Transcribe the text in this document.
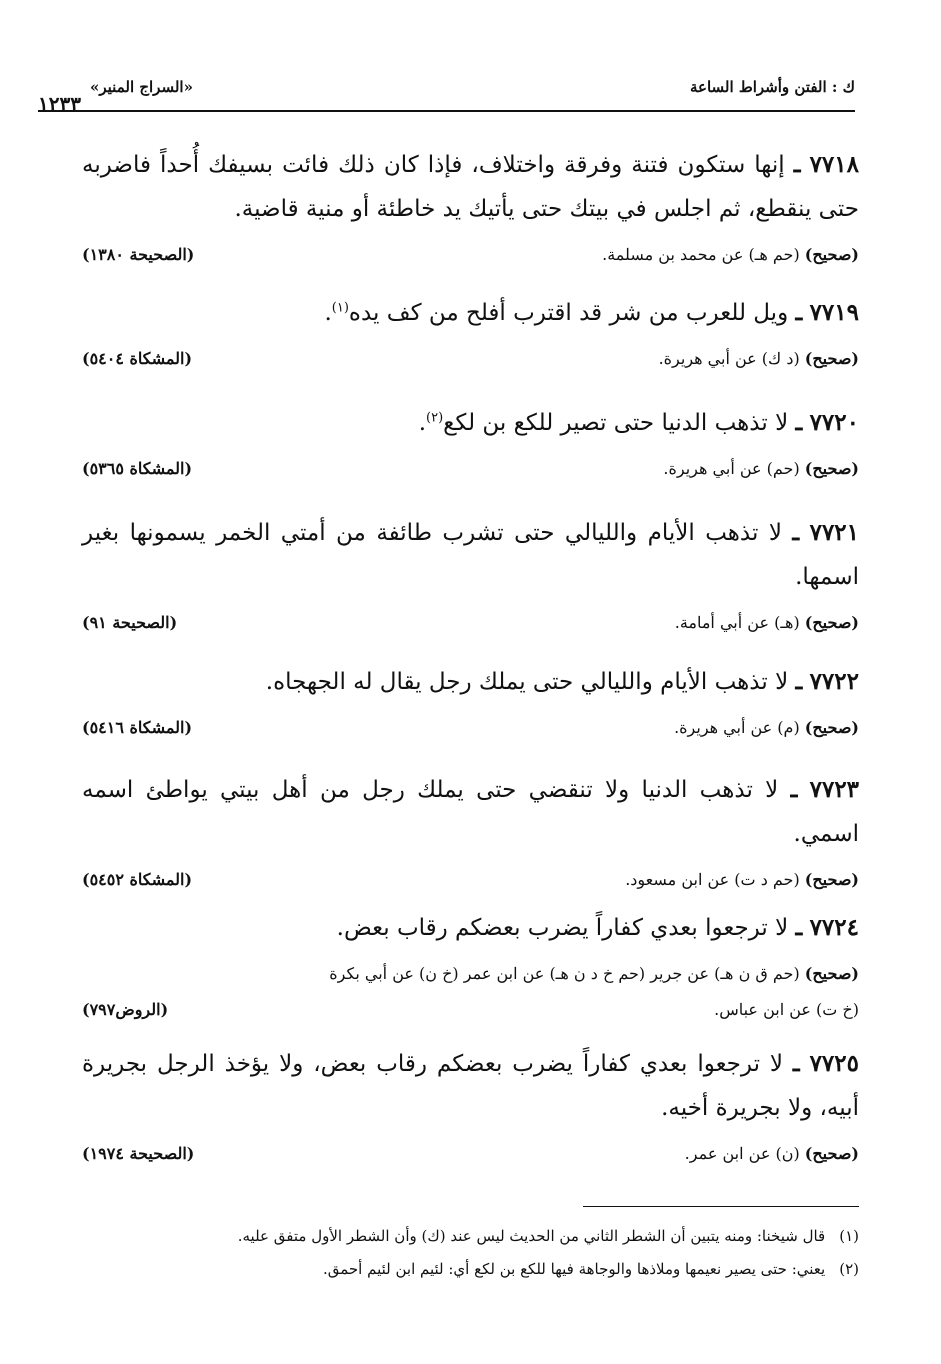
ك : الفتن وأشراط الساعة
«السراج المنير»
١٢٣٣

٧٧١٨ ـ إنها ستكون فتنة وفرقة واختلاف، فإذا كان ذلك فائت بسيفك أُحداً فاضربه حتى ينقطع، ثم اجلس في بيتك حتى يأتيك يد خاطئة أو منية قاضية.

(صحيح) (حم هـ) عن محمد بن مسلمة.
(الصحيحة ١٣٨٠)

٧٧١٩ ـ ويل للعرب من شر قد اقترب أفلح من كف يده$^{(١)}$.

(صحيح) (د ك) عن أبي هريرة.
(المشكاة ٥٤٠٤)

٧٧٢٠ ـ لا تذهب الدنيا حتى تصير للكع بن لكع$^{(٢)}$.

(صحيح) (حم) عن أبي هريرة.
(المشكاة ٥٣٦٥)

٧٧٢١ ـ لا تذهب الأيام والليالي حتى تشرب طائفة من أمتي الخمر يسمونها بغير اسمها.

(صحيح) (هـ) عن أبي أمامة.
(الصحيحة ٩١)

٧٧٢٢ ـ لا تذهب الأيام والليالي حتى يملك رجل يقال له الجهجاه.

(صحيح) (م) عن أبي هريرة.
(المشكاة ٥٤١٦)

٧٧٢٣ ـ لا تذهب الدنيا ولا تنقضي حتى يملك رجل من أهل بيتي يواطئ اسمه اسمي.

(صحيح) (حم د ت) عن ابن مسعود.
(المشكاة ٥٤٥٢)

٧٧٢٤ ـ لا ترجعوا بعدي كفاراً يضرب بعضكم رقاب بعض.

(صحيح) (حم ق ن هـ) عن جرير (حم خ د ن هـ) عن ابن عمر (خ ن) عن أبي بكرة
(خ ت) عن ابن عباس.
(الروض٧٩٧)

٧٧٢٥ ـ لا ترجعوا بعدي كفاراً يضرب بعضكم رقاب بعض، ولا يؤخذ الرجل بجريرة أبيه، ولا بجريرة أخيه.

(صحيح) (ن) عن ابن عمر.
(الصحيحة ١٩٧٤)
(١)قال شيخنا: ومنه يتبين أن الشطر الثاني من الحديث ليس عند (ك) وأن الشطر الأول متفق عليه.
(٢)يعني: حتى يصير نعيمها وملاذها والوجاهة فيها للكع بن لكع أي: لئيم ابن لئيم أحمق.
